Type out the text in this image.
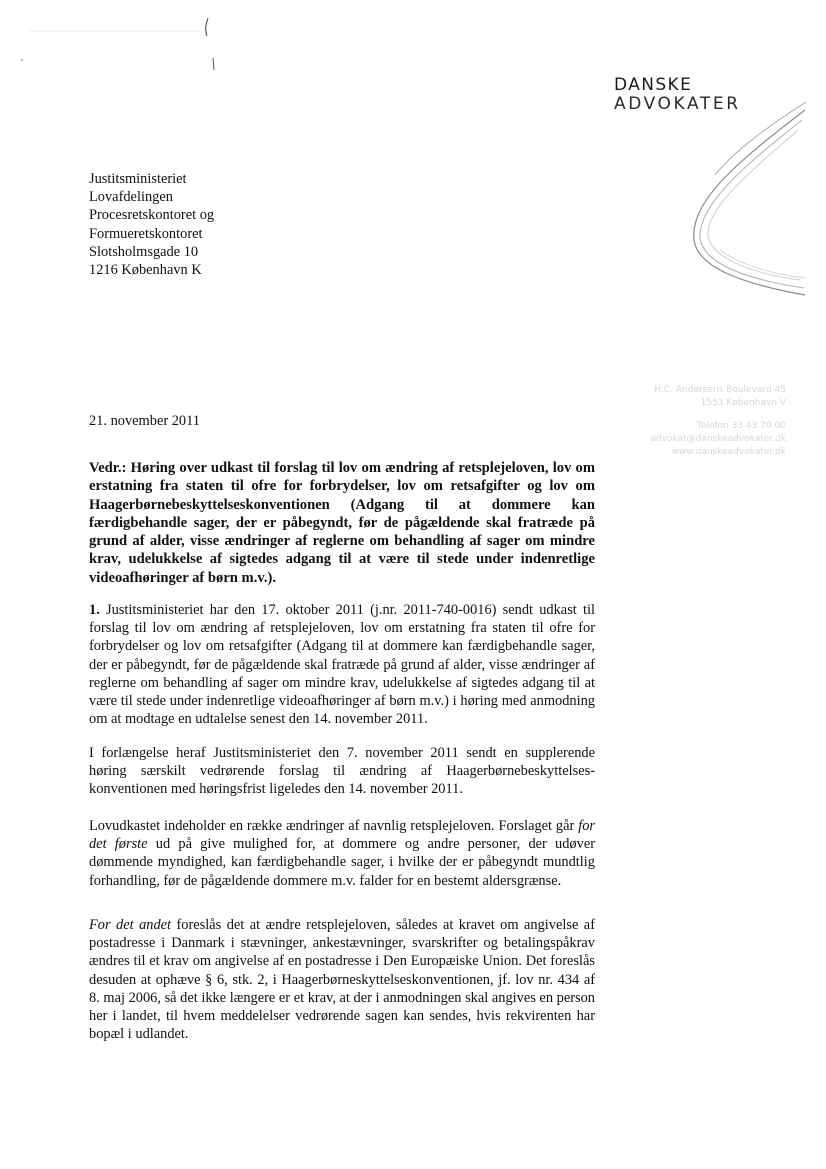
DANSKE
ADVOKATER
Justitsministeriet
Lovafdelingen
Procesretskontoret og
Formueretskontoret
Slotsholmsgade 10
1216 København K
H.C. Andersens Boulevard 45
1553 København V
Telefon 33 43 70 00
advokat@danskeadvokater.dk
www.danskeadvokater.dk
21. november 2011
Vedr.: Høring over udkast til forslag til lov om ændring af retsplejeloven, lov om erstatning fra staten til ofre for forbrydelser, lov om retsafgifter og lov om Haagerbørnebeskyttelseskonventionen (Adgang til at dommere kan færdigbehandle sager, der er påbegyndt, før de pågældende skal fratræde på grund af alder, visse ændringer af reglerne om behandling af sager om mindre krav, udelukkelse af sigtedes adgang til at være til stede under indenretlige videoafhøringer af børn m.v.).
1. Justitsministeriet har den 17. oktober 2011 (j.nr. 2011-740-0016) sendt udkast til forslag til lov om ændring af retsplejeloven, lov om erstatning fra staten til ofre for forbrydelser og lov om retsafgifter (Adgang til at dommere kan færdigbehandle sager, der er påbegyndt, før de pågældende skal fratræde på grund af alder, visse ændringer af reglerne om behandling af sager om mindre krav, udelukkelse af sigtedes adgang til at være til stede under indenretlige videoafhøringer af børn m.v.) i høring med anmodning om at modtage en udtalelse senest den 14. november 2011.
I forlængelse heraf Justitsministeriet den 7. november 2011 sendt en supplerende høring særskilt vedrørende forslag til ændring af Haagerbørnebeskyttelses-konventionen med høringsfrist ligeledes den 14. november 2011.
Lovudkastet indeholder en række ændringer af navnlig retsplejeloven. Forslaget går for det første ud på give mulighed for, at dommere og andre personer, der udøver dømmende myndighed, kan færdigbehandle sager, i hvilke der er påbegyndt mundtlig forhandling, før de pågældende dommere m.v. falder for en bestemt aldersgrænse.
For det andet foreslås det at ændre retsplejeloven, således at kravet om angivelse af postadresse i Danmark i stævninger, ankestævninger, svarskrifter og betalingspåkrav ændres til et krav om angivelse af en postadresse i Den Europæiske Union. Det foreslås desuden at ophæve § 6, stk. 2, i Haagerbørneskyttelseskonventionen, jf. lov nr. 434 af 8. maj 2006, så det ikke længere er et krav, at der i anmodningen skal angives en person her i landet, til hvem meddelelser vedrørende sagen kan sendes, hvis rekvirenten har bopæl i udlandet.
